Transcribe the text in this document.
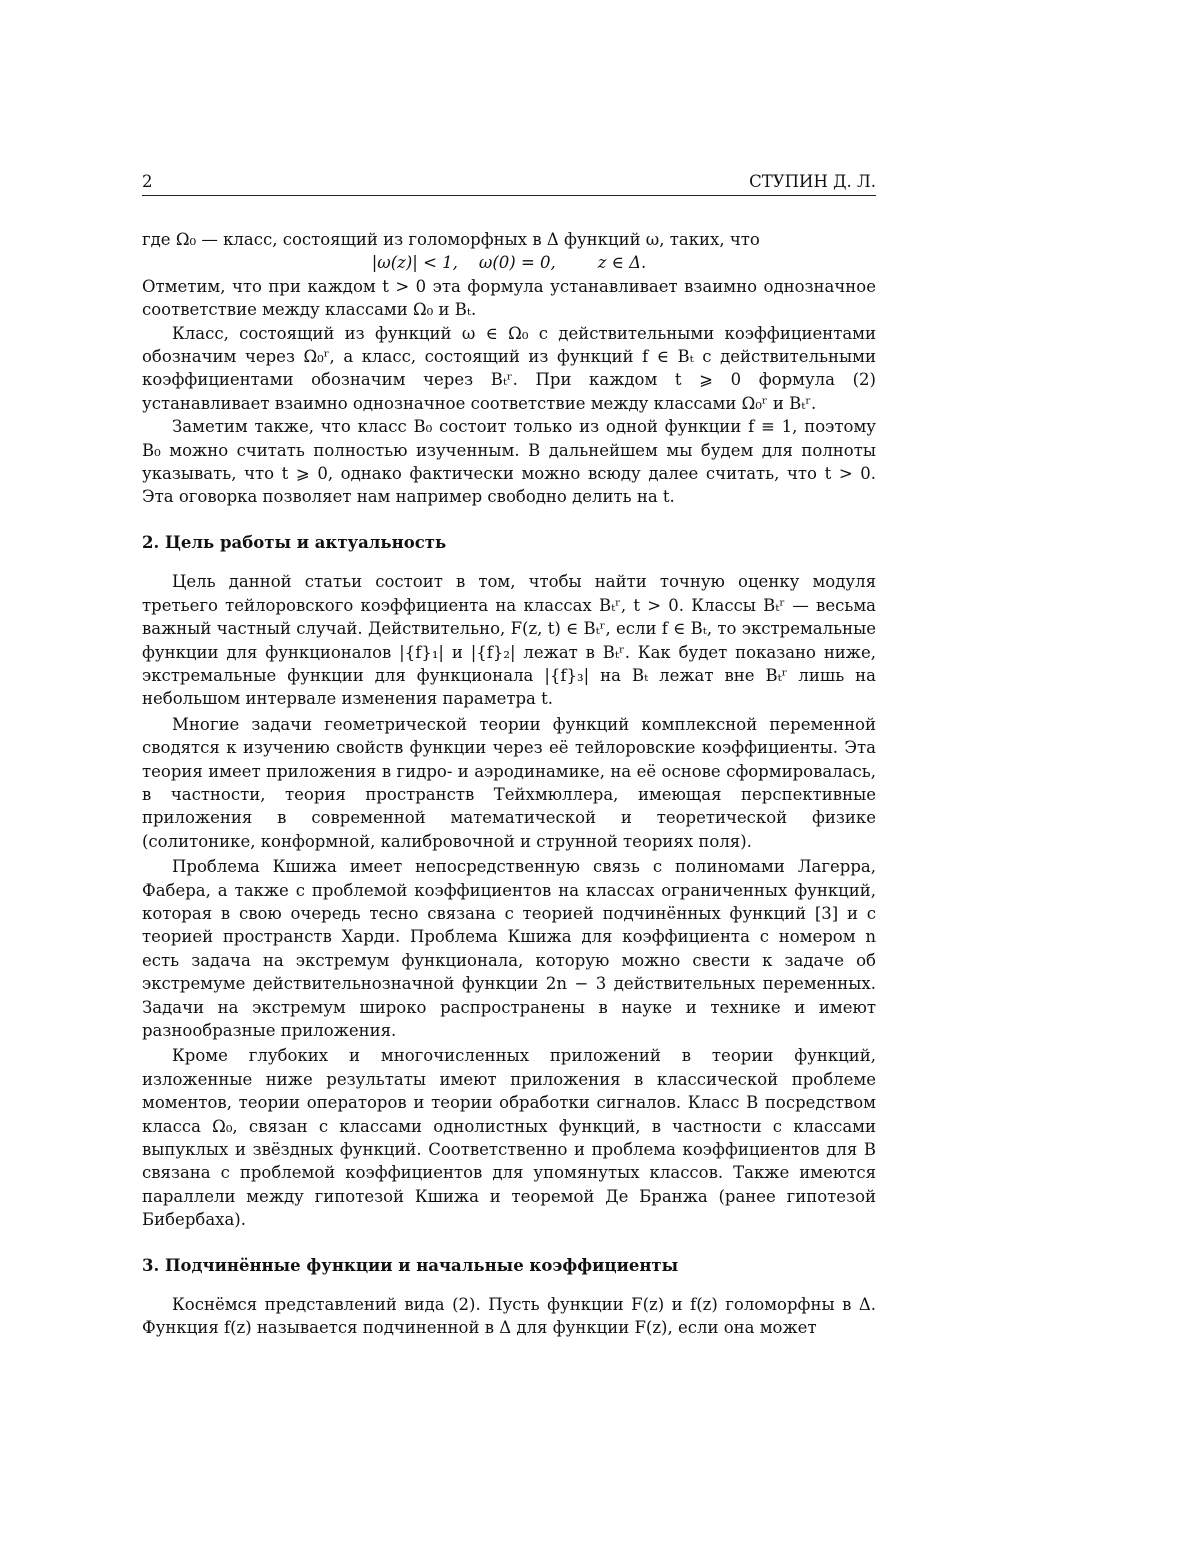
2	СТУПИН Д. Л.

где Ω₀ — класс, состоящий из голоморфных в Δ функций ω, таких, что

|ω(z)| < 1,    ω(0) = 0,        z ∈ Δ.

Отметим, что при каждом t > 0 эта формула устанавливает взаимно однозначное соответствие между классами Ω₀ и Bₜ.

Класс, состоящий из функций ω ∈ Ω₀ с действительными коэффициентами обозначим через Ω₀ʳ, а класс, состоящий из функций f ∈ Bₜ с действительными коэффициентами обозначим через Bₜʳ. При каждом t ⩾ 0 формула (2) устанавливает взаимно однозначное соответствие между классами Ω₀ʳ и Bₜʳ.

Заметим также, что класс B₀ состоит только из одной функции f ≡ 1, поэтому B₀ можно считать полностью изученным. В дальнейшем мы будем для полноты указывать, что t ⩾ 0, однако фактически можно всюду далее считать, что t > 0. Эта оговорка позволяет нам например свободно делить на t.

2. Цель работы и актуальность

Цель данной статьи состоит в том, чтобы найти точную оценку модуля третьего тейлоровского коэффициента на классах Bₜʳ, t > 0. Классы Bₜʳ — весьма важный частный случай. Действительно, F(z, t) ∈ Bₜʳ, если f ∈ Bₜ, то экстремальные функции для функционалов |{f}₁| и |{f}₂| лежат в Bₜʳ. Как будет показано ниже, экстремальные функции для функционала |{f}₃| на Bₜ лежат вне Bₜʳ лишь на небольшом интервале изменения параметра t.

Многие задачи геометрической теории функций комплексной переменной сводятся к изучению свойств функции через её тейлоровские коэффициенты. Эта теория имеет приложения в гидро- и аэродинамике, на её основе сформировалась, в частности, теория пространств Тейхмюллера, имеющая перспективные приложения в современной математической и теоретической физике (солитонике, конформной, калибровочной и струнной теориях поля).

Проблема Кшижа имеет непосредственную связь с полиномами Лагерра, Фабера, а также с проблемой коэффициентов на классах ограниченных функций, которая в свою очередь тесно связана с теорией подчинённых функций [3] и с теорией пространств Харди. Проблема Кшижа для коэффициента с номером n есть задача на экстремум функционала, которую можно свести к задаче об экстремуме действительнозначной функции 2n − 3 действительных переменных. Задачи на экстремум широко распространены в науке и технике и имеют разнообразные приложения.

Кроме глубоких и многочисленных приложений в теории функций, изложенные ниже результаты имеют приложения в классической проблеме моментов, теории операторов и теории обработки сигналов. Класс B посредством класса Ω₀, связан с классами однолистных функций, в частности с классами выпуклых и звёздных функций. Соответственно и проблема коэффициентов для B связана с проблемой коэффициентов для упомянутых классов. Также имеются параллели между гипотезой Кшижа и теоремой Де Бранжа (ранее гипотезой Бибербаха).

3. Подчинённые функции и начальные коэффициенты

Коснёмся представлений вида (2). Пусть функции F(z) и f(z) голоморфны в Δ. Функция f(z) называется подчиненной в Δ для функции F(z), если она может
